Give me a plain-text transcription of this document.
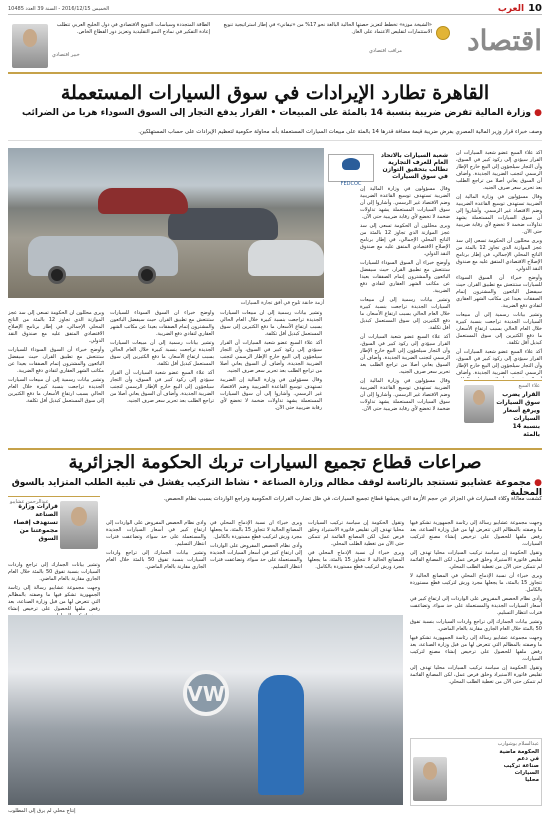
10
العرب
الخميس 2016/12/15 - السنة 39 العدد 10485
اقتصاد
«الشيخة موزة» تخطط لتعزيز حصتها الحالية البالغة نحو 17% من «تيفاني» في إطار استراتيجية تنويع الاستثمارات لتقليص الاعتماد على الغاز.
مراقب اقتصادي
الطاقة المتجددة وسياسات التنويع الاقتصادي في دول الخليج العربي تتطلب إعادة التفكير في نماذج النمو التقليدية وتعزيز دور القطاع الخاص.
خبير اقتصادي
القاهرة تطارد الإيرادات في سوق السيارات المستعملة
● وزارة المالية تفرض ضريبة بنسبة 14 بالمئة على المبيعات • القرار يدفع التجار إلى السوق السوداء هربا من الضرائب
وصف خبراء قرار وزير المالية المصري بفرض ضريبة قيمة مضافة قدرها 14 بالمئة على مبيعات السيارات المستعملة بأنه محاولة حكومية لتعظيم الإيرادات على حساب المستهلكين.
أزمة خانقة تلوح في أفق تجارة السيارات
FEDCOC
شعبة السيارات بالاتحاد العام للغرف التجارية تطالب بتحقيق التوازن في سوق السيارات

أكد علاء السبع عضو شعبة السيارات أن القرار سيؤدي إلى ركود كبير في السوق، وأن التجار سيلجؤون إلى البيع خارج الإطار الرسمي لتجنب الضريبة الجديدة. وأضاف أن السوق يعاني أصلا من تراجع الطلب بعد تحرير سعر صرف الجنيه.

وقال مسؤولون في وزارة المالية إن الضريبة تستهدف توسيع القاعدة الضريبية وضم الاقتصاد غير الرسمي. وأشاروا إلى أن سوق السيارات المستعملة يشهد تداولات ضخمة لا تخضع لأي رقابة ضريبية حتى الآن.

ويرى محللون أن الحكومة تسعى إلى سد عجز الموازنة الذي تجاوز 12 بالمئة من الناتج المحلي الإجمالي، في إطار برنامج الإصلاح الاقتصادي المتفق عليه مع صندوق النقد الدولي.

وأوضح خبراء أن السوق السوداء للسيارات ستنتعش مع تطبيق القرار، حيث سيفضل البائعون والمشترون إتمام الصفقات بعيدا عن مكاتب الشهر العقاري لتفادي دفع الضريبة.

وتشير بيانات رسمية إلى أن مبيعات السيارات الجديدة تراجعت بنسبة كبيرة خلال العام الحالي بسبب ارتفاع الأسعار، ما دفع الكثيرين إلى سوق المستعمل كبديل أقل تكلفة.

أكد علاء السبع عضو شعبة السيارات أن القرار سيؤدي إلى ركود كبير في السوق، وأن التجار سيلجؤون إلى البيع خارج الإطار الرسمي لتجنب الضريبة الجديدة. وأضاف

وقال مسؤولون في وزارة المالية إن الضريبة تستهدف توسيع القاعدة الضريبية وضم الاقتصاد غير الرسمي. وأشاروا إلى أن سوق السيارات المستعملة يشهد تداولات ضخمة لا تخضع لأي رقابة ضريبية حتى الآن.

ويرى محللون أن الحكومة تسعى إلى سد عجز الموازنة الذي تجاوز 12 بالمئة من الناتج المحلي الإجمالي، في إطار برنامج الإصلاح الاقتصادي المتفق عليه مع صندوق النقد الدولي.

وأوضح خبراء أن السوق السوداء للسيارات ستنتعش مع تطبيق القرار، حيث سيفضل البائعون والمشترون إتمام الصفقات بعيدا عن مكاتب الشهر العقاري لتفادي دفع الضريبة.

وتشير بيانات رسمية إلى أن مبيعات السيارات الجديدة تراجعت بنسبة كبيرة خلال العام الحالي بسبب ارتفاع الأسعار، ما دفع الكثيرين إلى سوق المستعمل كبديل أقل تكلفة.

أكد علاء السبع عضو شعبة السيارات أن القرار سيؤدي إلى ركود كبير في السوق، وأن التجار سيلجؤون إلى البيع خارج الإطار الرسمي لتجنب الضريبة الجديدة. وأضاف أن السوق يعاني أصلا من تراجع الطلب بعد تحرير سعر صرف الجنيه.

وقال مسؤولون في وزارة المالية إن الضريبة تستهدف توسيع القاعدة الضريبية وضم الاقتصاد غير الرسمي. وأشاروا إلى أن سوق السيارات المستعملة يشهد تداولات ضخمة لا تخضع لأي رقابة ضريبية حتى الآن.

ويرى محللون أن الحكومة تسعى إلى سد عجز الموازنة الذي تجاوز 12 بالمئة من الناتج المحلي الإجمالي، في إطار برنامج الإصلاح الاقتصادي المتفق عليه مع صندوق النقد الدولي.

وأوضح خبراء أن السوق السوداء للسيارات ستنتعش مع تطبيق القرار، حيث سيفضل البائعون والمشترون إتمام الصفقات بعيدا عن مكاتب الشهر العقاري لتفادي دفع الضريبة.

وتشير بيانات رسمية إلى أن مبيعات السيارات الجديدة تراجعت بنسبة كبيرة خلال العام الحالي بسبب ارتفاع الأسعار، ما دفع الكثيرين إلى سوق المستعمل كبديل أقل تكلفة.

وأوضح خبراء أن السوق السوداء للسيارات ستنتعش مع تطبيق القرار، حيث سيفضل البائعون والمشترون إتمام الصفقات بعيدا عن مكاتب الشهر العقاري لتفادي دفع الضريبة.

وتشير بيانات رسمية إلى أن مبيعات السيارات الجديدة تراجعت بنسبة كبيرة خلال العام الحالي بسبب ارتفاع الأسعار، ما دفع الكثيرين إلى سوق المستعمل كبديل أقل تكلفة.

أكد علاء السبع عضو شعبة السيارات أن القرار سيؤدي إلى ركود كبير في السوق، وأن التجار سيلجؤون إلى البيع خارج الإطار الرسمي لتجنب الضريبة الجديدة. وأضاف أن السوق يعاني أصلا من تراجع الطلب بعد تحرير سعر صرف الجنيه.

وتشير بيانات رسمية إلى أن مبيعات السيارات الجديدة تراجعت بنسبة كبيرة خلال العام الحالي بسبب ارتفاع الأسعار، ما دفع الكثيرين إلى سوق المستعمل كبديل أقل تكلفة.

أكد علاء السبع عضو شعبة السيارات أن القرار سيؤدي إلى ركود كبير في السوق، وأن التجار سيلجؤون إلى البيع خارج الإطار الرسمي لتجنب الضريبة الجديدة. وأضاف أن السوق يعاني أصلا من تراجع الطلب بعد تحرير سعر صرف الجنيه.

وقال مسؤولون في وزارة المالية إن الضريبة تستهدف توسيع القاعدة الضريبية وضم الاقتصاد غير الرسمي. وأشاروا إلى أن سوق السيارات المستعملة يشهد تداولات ضخمة لا تخضع لأي رقابة ضريبية حتى الآن.

علاء السبع
القرار يضرب سوق السيارات ويرفع أسعار السيارات بنسبة 14 بالمئة
صراعات قطاع تجميع السيارات تربك الحكومة الجزائرية
● مجموعة عشايبو تستنجد بالرئاسة لوقف مظالم وزارة الصناعة • نشاط التركيب يفشل في تلبية الطلب المتزايد بالسوق المحلية
كشفت معاناة وكلاء السيارات في الجزائر عن حجم الأزمة التي يعيشها قطاع تجميع السيارات، في ظل تضارب القرارات الحكومية وتراجع الواردات بسبب نظام الحصص.
عبدالرحمن عشايبو
قرارات وزارة الصناعة تستهدف إقصاء مجموعتنا من السوق

وجهت مجموعة عشايبو رسالة إلى رئاسة الجمهورية تشكو فيها ما وصفته بالمظالم التي تتعرض لها من قبل وزارة الصناعة، بعد رفض ملفها للحصول على ترخيص إنشاء مصنع لتركيب السيارات.

وتقول الحكومة إن سياسة تركيب السيارات محليا تهدف إلى تقليص فاتورة الاستيراد وخلق فرص عمل، لكن المصانع القائمة لم تتمكن حتى الآن من تغطية الطلب المحلي.

ويرى خبراء أن نسبة الإدماج المحلي في المصانع الحالية لا تتجاوز 15 بالمئة، ما يجعلها مجرد ورش لتركيب قطع مستوردة بالكامل.

وأدى نظام الحصص المفروض على الواردات إلى ارتفاع كبير في أسعار السيارات الجديدة والمستعملة على حد سواء، وتضاعفت فترات انتظار التسليم.

وتشير بيانات الجمارك إلى تراجع واردات السيارات بنسبة تفوق 50 بالمئة خلال العام الجاري مقارنة بالعام الماضي.

وجهت مجموعة عشايبو رسالة إلى رئاسة الجمهورية تشكو فيها ما وصفته بالمظالم التي تتعرض لها من قبل وزارة الصناعة، بعد رفض ملفها للحصول على ترخيص إنشاء مصنع لتركيب السيارات.

وتقول الحكومة إن سياسة تركيب السيارات محليا تهدف إلى تقليص فاتورة الاستيراد وخلق فرص عمل، لكن المصانع القائمة لم تتمكن حتى الآن من تغطية الطلب المحلي.

وتقول الحكومة إن سياسة تركيب السيارات محليا تهدف إلى تقليص فاتورة الاستيراد وخلق فرص عمل، لكن المصانع القائمة لم تتمكن حتى الآن من تغطية الطلب المحلي.

ويرى خبراء أن نسبة الإدماج المحلي في المصانع الحالية لا تتجاوز 15 بالمئة، ما يجعلها مجرد ورش لتركيب قطع مستوردة بالكامل.

ويرى خبراء أن نسبة الإدماج المحلي في المصانع الحالية لا تتجاوز 15 بالمئة، ما يجعلها مجرد ورش لتركيب قطع مستوردة بالكامل.

وأدى نظام الحصص المفروض على الواردات إلى ارتفاع كبير في أسعار السيارات الجديدة والمستعملة على حد سواء، وتضاعفت فترات انتظار التسليم.

وأدى نظام الحصص المفروض على الواردات إلى ارتفاع كبير في أسعار السيارات الجديدة والمستعملة على حد سواء، وتضاعفت فترات انتظار التسليم.

وتشير بيانات الجمارك إلى تراجع واردات السيارات بنسبة تفوق 50 بالمئة خلال العام الجاري مقارنة بالعام الماضي.

وتشير بيانات الجمارك إلى تراجع واردات السيارات بنسبة تفوق 50 بالمئة خلال العام الجاري مقارنة بالعام الماضي.

وجهت مجموعة عشايبو رسالة إلى رئاسة الجمهورية تشكو فيها ما وصفته بالمظالم التي تتعرض لها من قبل وزارة الصناعة، بعد رفض ملفها للحصول على ترخيص إنشاء

VW
إنتاج محلي لم يرق إلى المطلوب
عبدالسلام بوشوارب
الحكومة ماضية في دعم صناعة تركيب السيارات محليا
